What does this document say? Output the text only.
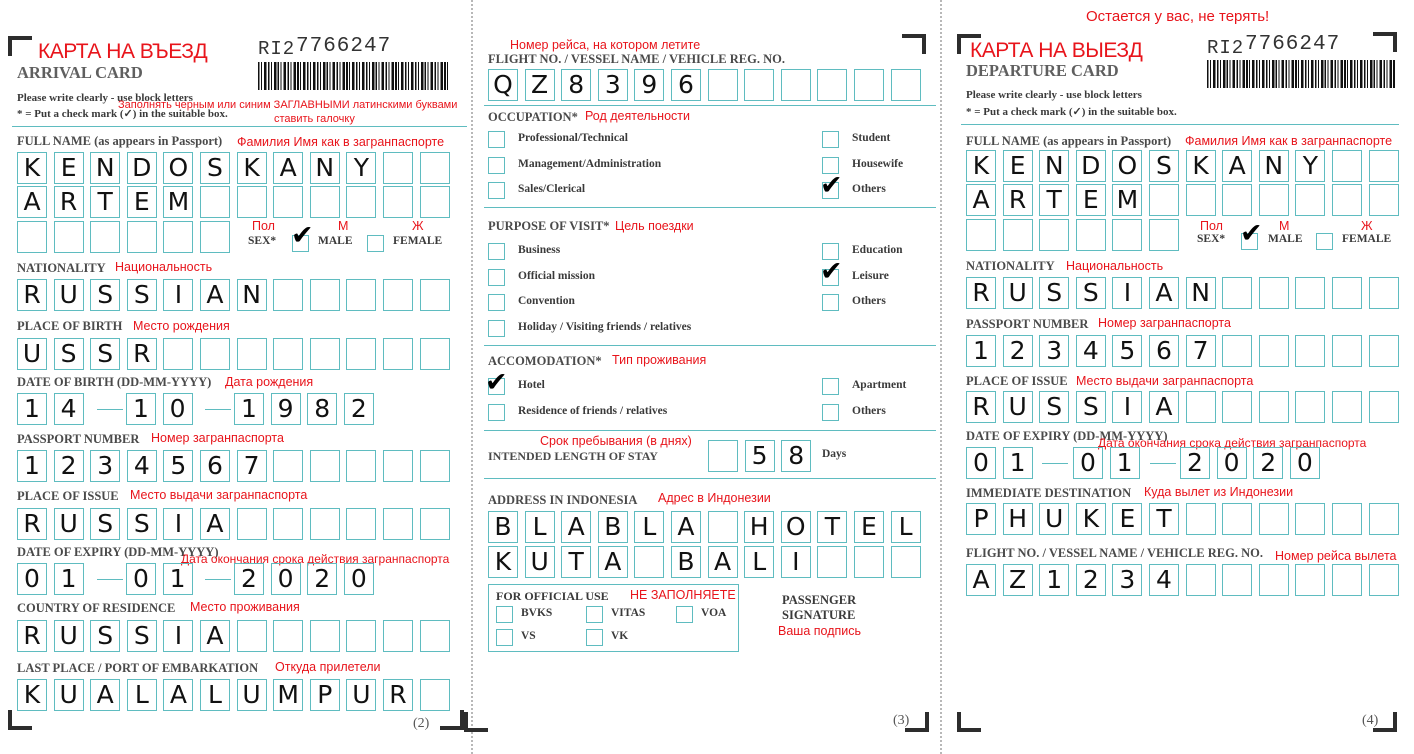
КАРТА НА ВЪЕЗД
ARRIVAL CARD
RI2 7766247
Please write clearly - use block letters
* = Put a check mark (✓) in the suitable box.
Заполнять черным или синим ЗАГЛАВНЫМИ латинскими буквами
ставить галочку
FULL NAME (as appears in Passport) Фамилия Имя как в загранпаспорте
K E N D O S K A N Y
A R T E M
Пол	М	Ж
SEX* ✔ MALE	FEMALE
NATIONALITY Национальность
R U S S I A N
PLACE OF BIRTH Место рождения
U S S R
DATE OF BIRTH (DD-MM-YYYY) Дата рождения
1 4 1 0 1 9 8 2
PASSPORT NUMBER Номер загранпаспорта
1 2 3 4 5 6 7
PLACE OF ISSUE Место выдачи загранпаспорта
R U S S I A
DATE OF EXPIRY (DD-MM-YYYY)
Дата окончания срока действия загранпаспорта
0 1 0 1 2 0 2 0
COUNTRY OF RESIDENCE Место проживания
R U S S I A
LAST PLACE / PORT OF EMBARKATION Откуда прилетели
K U A L A L U M P U R
(2)
Номер рейса, на котором летите
FLIGHT NO. / VESSEL NAME / VEHICLE REG. NO.
Q Z 8 3 9 6
OCCUPATION* Род деятельности
Professional/Technical
Management/Administration
Sales/Clerical
Student
Housewife
Others
✔
PURPOSE OF VISIT* Цель поездки
Business
Official mission
Convention
Holiday / Visiting friends / relatives
Education
Leisure
Others
✔
ACCOMODATION* Тип проживания
Hotel
Residence of friends / relatives
Apartment
Others
✔
Срок пребывания (в днях)
INTENDED LENGTH OF STAY	5 8	Days
ADDRESS IN INDONESIA Адрес в Индонезии
B L A B L A H O T E L
K U T A B A L	I
FOR OFFICIAL USE НЕ ЗАПОЛНЯЕТЕ
BVKS	VITAS	VOA
VS	VK
PASSENGER
SIGNATURE
Ваша подпись
(3)
Остается у вас, не терять!
КАРТА НА ВЫЕЗД
DEPARTURE CARD
RI2 7766247
Please write clearly - use block letters
* = Put a check mark (✓) in the suitable box.
FULL NAME (as appears in Passport) Фамилия Имя как в загранпаспорте
K E N D O S K A N Y
A R T E M
Пол	М	Ж
SEX* ✔ MALE	FEMALE
NATIONALITY Национальность
R U S S I A N
PASSPORT NUMBER Номер загранпаспорта
1 2 3 4 5 6 7
PLACE OF ISSUE Место выдачи загранпаспорта
R U S S I A
DATE OF EXPIRY (DD-MM-YYYY)
Дата окончания срока действия загранпаспорта
0 1 0 1 2 0 2 0
IMMEDIATE DESTINATION Куда вылет из Индонезии
P H U K E T
FLIGHT NO. / VESSEL NAME / VEHICLE REG. NO. Номер рейса вылета
A Z 1 2 3 4
(4)
